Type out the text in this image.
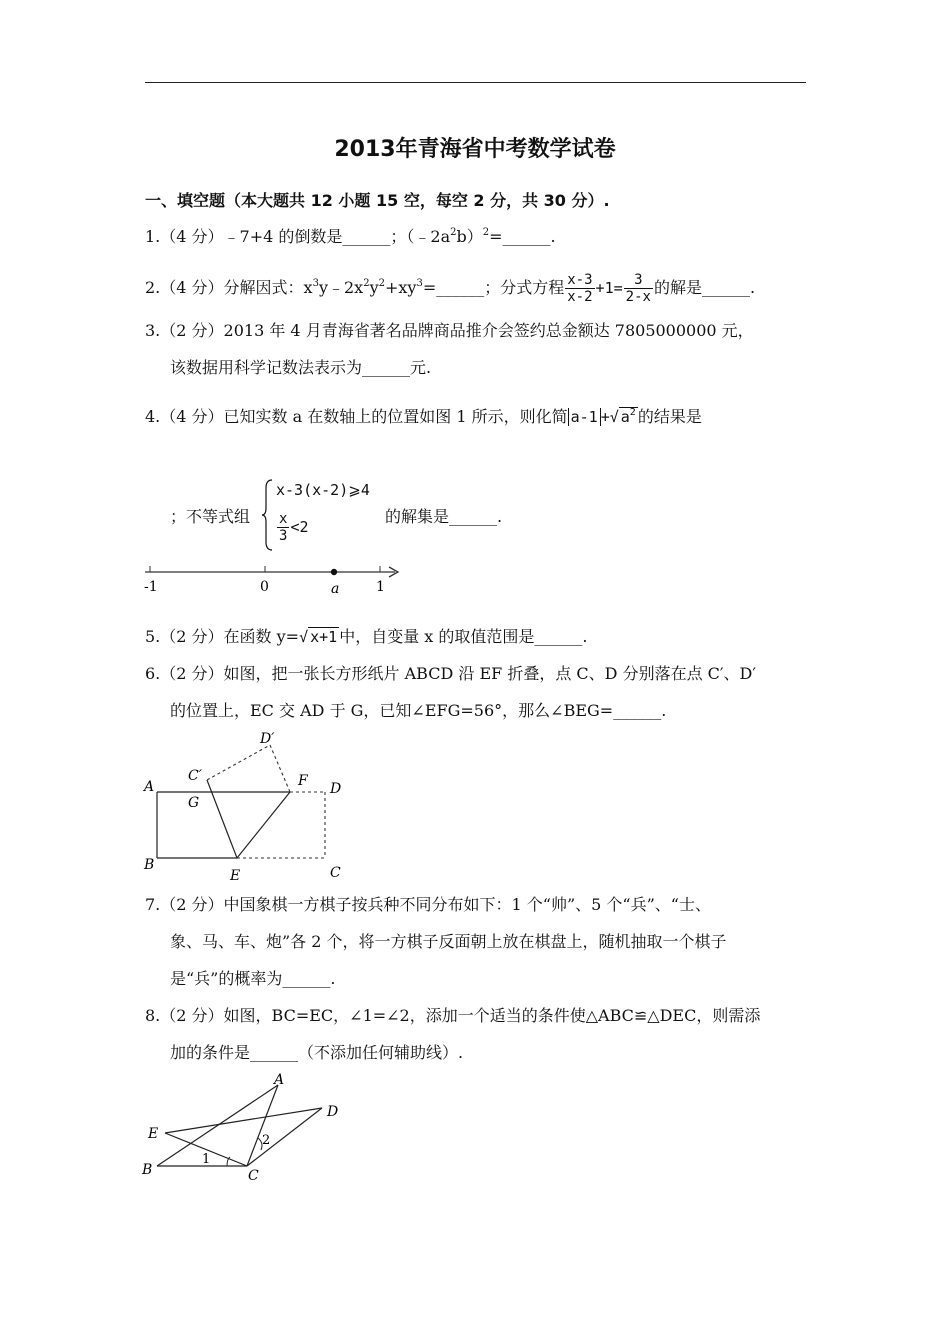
2013年青海省中考数学试卷
一、填空题（本大题共 12 小题 15 空，每空 2 分，共 30 分）.
1.（4 分）﹣7+4 的倒数是______；$(﹣2a^2b)^2=\_\_\_\_\_\_$.
2.（4 分）分解因式：$x^3y﹣2x^2y^2+xy^3=\_\_\_\_\_\_$；分式方程 $\frac{x-3}{x-2} +1= \frac{3}{2-x}$ 的解是______.
3.（2 分）2013 年 4 月青海省著名品牌商品推介会签约总金额达 7805000000 元，
该数据用科学记数法表示为______元.
4.（4 分）已知实数 a 在数轴上的位置如图 1 所示，则化简 a-1 +√ $a^2$ 的结果是
；不等式组
x-3(x-2)⩾4
$\frac{x}{3} <2$
的解集是______.
-1	0	1
a
5.（2 分）在函数 y=√ x+1 中，自变量 x 的取值范围是______.
6.（2 分）如图，把一张长方形纸片 ABCD 沿 EF 折叠，点 C、D 分别落在点 C′、D′
的位置上，EC 交 AD 于 G，已知∠EFG=56°，那么∠BEG=______.
A
B	C
D
E
F
G
C′
D′
7.（2 分）中国象棋一方棋子按兵种不同分布如下：1 个“帅”、5 个“兵”、“士、
象、马、车、炮”各 2 个，将一方棋子反面朝上放在棋盘上，随机抽取一个棋子
是“兵”的概率为______.
8.（2 分）如图，BC=EC，∠1=∠2，添加一个适当的条件使△ABC≌△DEC，则需添
加的条件是______（不添加任何辅助线）.
A
B	C
D
E
1
2
